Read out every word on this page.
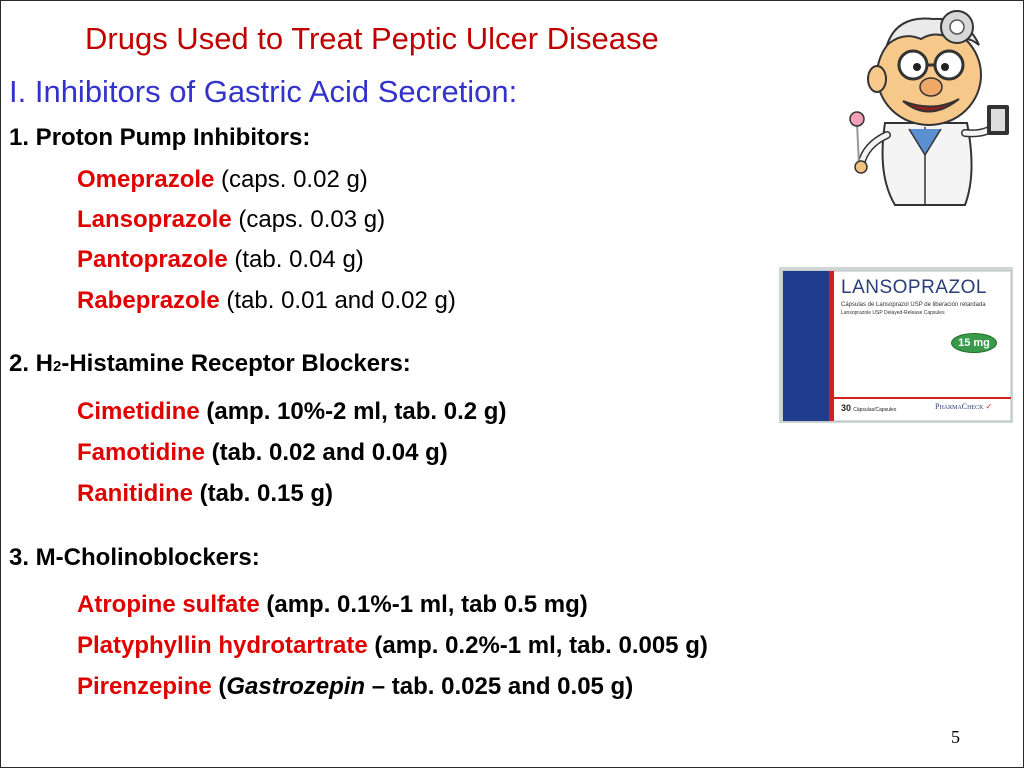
Drugs Used to Treat Peptic Ulcer Disease
I. Inhibitors of Gastric Acid Secretion:
1. Proton Pump Inhibitors:
Omeprazole (caps. 0.02 g)
Lansoprazole (caps. 0.03 g)
Pantoprazole (tab. 0.04 g)
Rabeprazole (tab. 0.01 and 0.02 g)
2. H2-Histamine Receptor Blockers:
Cimetidine (amp. 10%-2 ml, tab. 0.2 g)
Famotidine (tab. 0.02 and 0.04 g)
Ranitidine (tab. 0.15 g)
3. M-Cholinoblockers:
Atropine sulfate (amp. 0.1%-1 ml, tab 0.5 mg)
Platyphyllin hydrotartrate (amp. 0.2%-1 ml, tab. 0.005 g)
Pirenzepine (Gastrozepin – tab. 0.025 and 0.05 g)
LANSOPRAZOL
Cápsulas de Lansoprazol USP de liberación retardada
Lansoprazole USP Delayed-Release Capsules
15 mg
30 Cápsulas/Capsules	PharmaCheck ✓
5
